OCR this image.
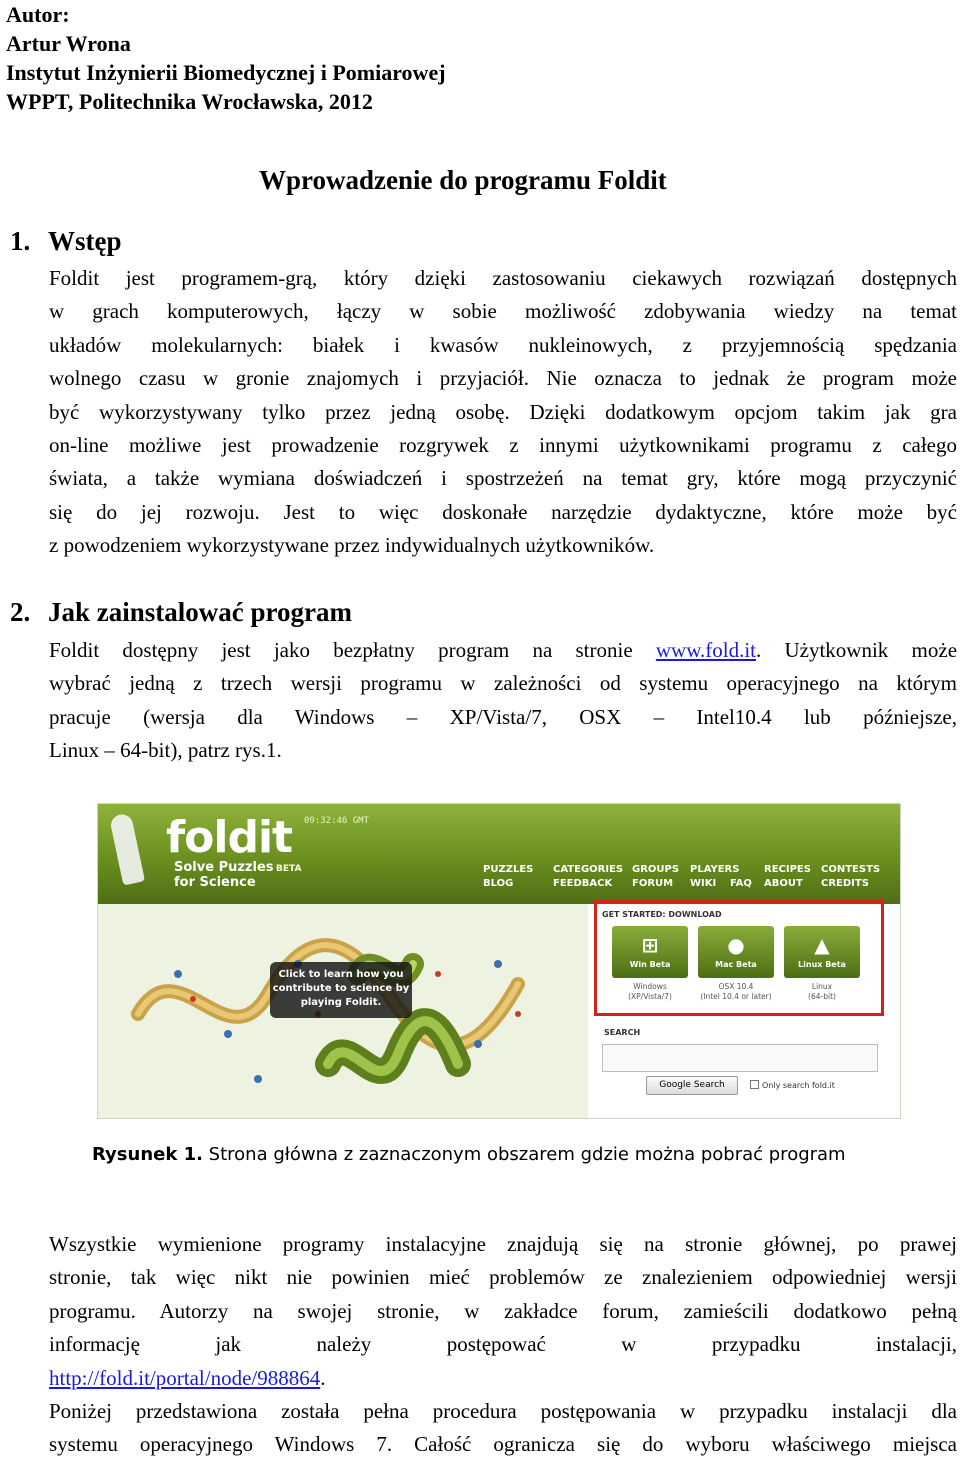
Autor:
Artur Wrona
Instytut Inżynierii Biomedycznej i Pomiarowej
WPPT, Politechnika Wrocławska, 2012
Wprowadzenie do programu Foldit
1. Wstęp
Foldit jest programem-grą, który dzięki zastosowaniu ciekawych rozwiązań dostępnych
w grach komputerowych, łączy w sobie możliwość zdobywania wiedzy na temat
układów molekularnych: białek i kwasów nukleinowych, z przyjemnością spędzania
wolnego czasu w gronie znajomych i przyjaciół. Nie oznacza to jednak że program może
być wykorzystywany tylko przez jedną osobę. Dzięki dodatkowym opcjom takim jak gra
on-line możliwe jest prowadzenie rozgrywek z innymi użytkownikami programu z całego
świata, a także wymiana doświadczeń i spostrzeżeń na temat gry, które mogą przyczynić
się do jej rozwoju. Jest to więc doskonałe narzędzie dydaktyczne, które może być
z powodzeniem wykorzystywane przez indywidualnych użytkowników.
2. Jak zainstalować program
Foldit dostępny jest jako bezpłatny program na stronie www.fold.it. Użytkownik może
wybrać jedną z trzech wersji programu w zależności od systemu operacyjnego na którym
pracuje (wersja dla Windows – XP/Vista/7, OSX – Intel10.4 lub późniejsze,
Linux – 64-bit), patrz rys.1.
foldit
BETA
Solve Puzzles for Science
09:32:46 GMT
PUZZLES
BLOG
CATEGORIES
FEEDBACK
GROUPS
FORUM
PLAYERS
WIKI FAQ
RECIPES
ABOUT
CONTESTS
CREDITS
Click to learn how you contribute to science by playing Foldit.
GET STARTED: DOWNLOAD
⊞
Win Beta
●
Mac Beta
▲
Linux Beta
Windows
(XP/Vista/7)
OSX 10.4
(Intel 10.4 or later)
Linux
(64-bit)
SEARCH
Google Search	Only search fold.it
Rysunek 1. Strona główna z zaznaczonym obszarem gdzie można pobrać program
Wszystkie wymienione programy instalacyjne znajdują się na stronie głównej, po prawej
stronie, tak więc nikt nie powinien mieć problemów ze znalezieniem odpowiedniej wersji
programu. Autorzy na swojej stronie, w zakładce forum, zamieścili dodatkowo pełną
informację jak należy postępować w przypadku instalacji,
http://fold.it/portal/node/988864.
Poniżej przedstawiona została pełna procedura postępowania w przypadku instalacji dla
systemu operacyjnego Windows 7. Całość ogranicza się do wyboru właściwego miejsca
